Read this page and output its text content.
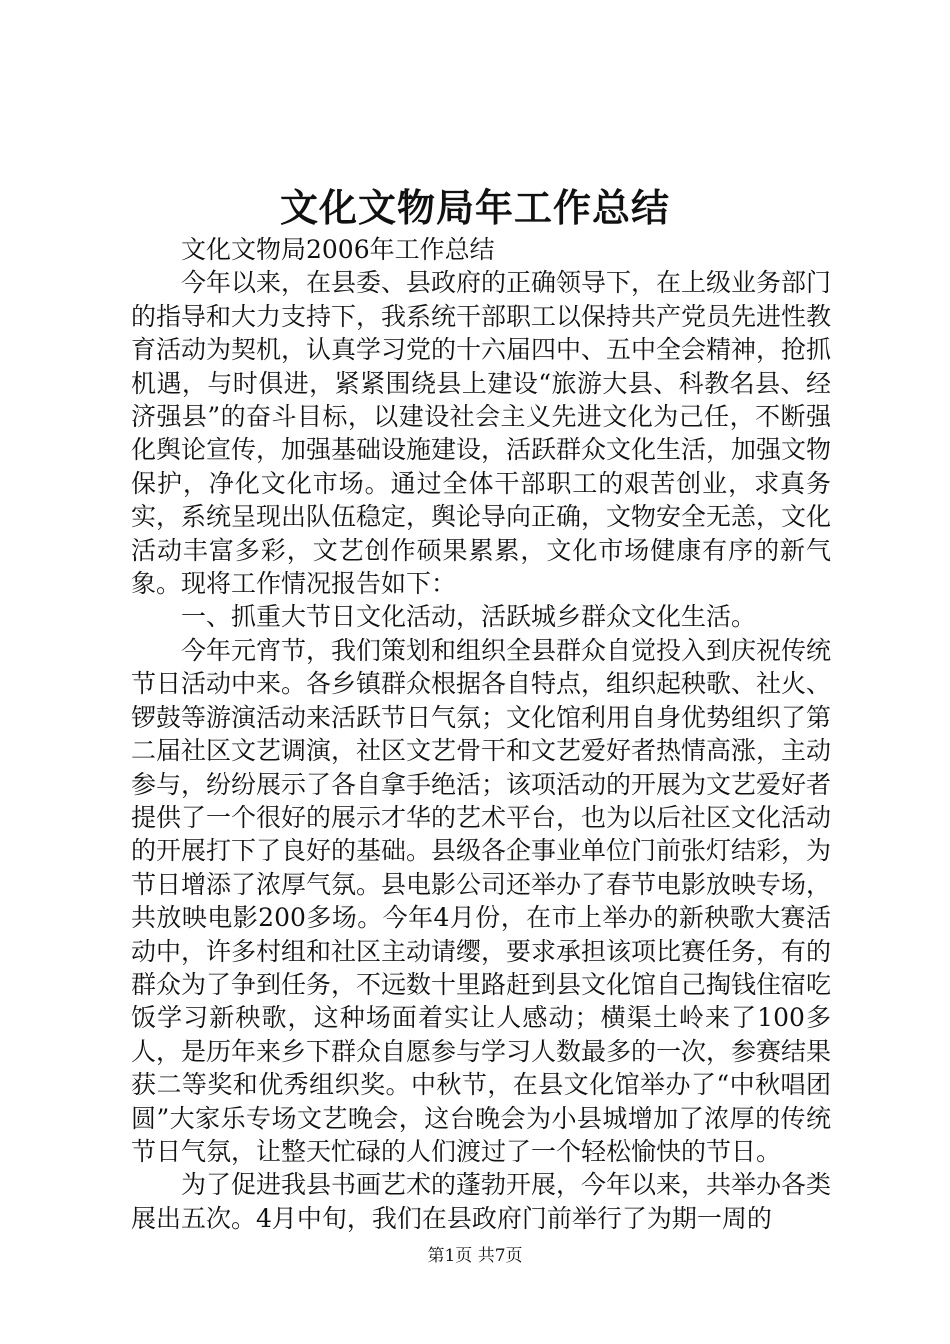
文化文物局年工作总结

文化文物局2006年工作总结

今年以来，在县委、县政府的正确领导下，在上级业务部门的指导和大力支持下，我系统干部职工以保持共产党员先进性教育活动为契机，认真学习党的十六届四中、五中全会精神，抢抓机遇，与时俱进，紧紧围绕县上建设“旅游大县、科教名县、经济强县”的奋斗目标，以建设社会主义先进文化为己任，不断强化舆论宣传，加强基础设施建设，活跃群众文化生活，加强文物保护，净化文化市场。通过全体干部职工的艰苦创业，求真务实，系统呈现出队伍稳定，舆论导向正确，文物安全无恙，文化活动丰富多彩，文艺创作硕果累累，文化市场健康有序的新气象。现将工作情况报告如下：

一、抓重大节日文化活动，活跃城乡群众文化生活。

今年元宵节，我们策划和组织全县群众自觉投入到庆祝传统节日活动中来。各乡镇群众根据各自特点，组织起秧歌、社火、锣鼓等游演活动来活跃节日气氛；文化馆利用自身优势组织了第二届社区文艺调演，社区文艺骨干和文艺爱好者热情高涨，主动参与，纷纷展示了各自拿手绝活；该项活动的开展为文艺爱好者提供了一个很好的展示才华的艺术平台，也为以后社区文化活动的开展打下了良好的基础。县级各企事业单位门前张灯结彩，为节日增添了浓厚气氛。县电影公司还举办了春节电影放映专场，共放映电影200多场。今年4月份，在市上举办的新秧歌大赛活动中，许多村组和社区主动请缨，要求承担该项比赛任务，有的群众为了争到任务，不远数十里路赶到县文化馆自己掏钱住宿吃饭学习新秧歌，这种场面着实让人感动；横渠土岭来了100多人，是历年来乡下群众自愿参与学习人数最多的一次，参赛结果获二等奖和优秀组织奖。中秋节，在县文化馆举办了“中秋唱团圆”大家乐专场文艺晚会，这台晚会为小县城增加了浓厚的传统节日气氛，让整天忙碌的人们渡过了一个轻松愉快的节日。

为了促进我县书画艺术的蓬勃开展，今年以来，共举办各类展出五次。4月中旬，我们在县政府门前举行了为期一周的

第1页 共7页
